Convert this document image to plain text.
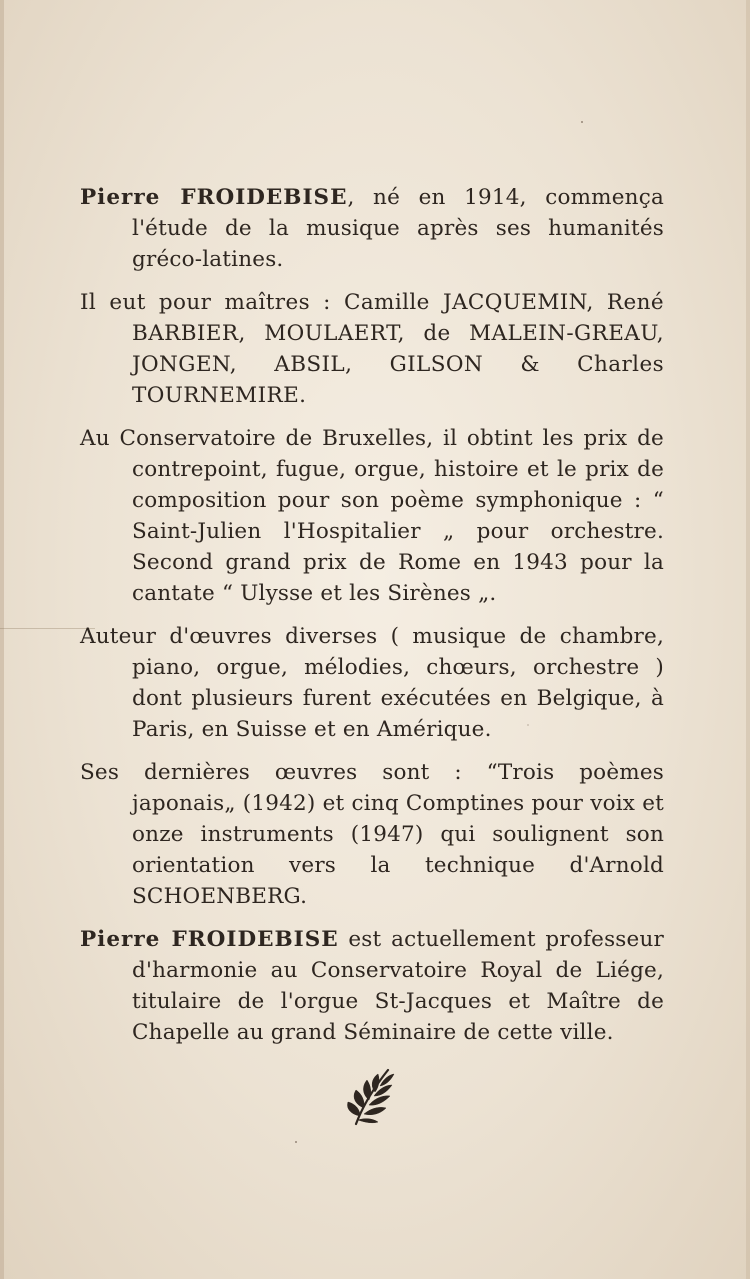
Pierre FROIDEBISE, né en 1914, commença l'étude de la musique après ses humanités gréco-latines.

Il eut pour maîtres : Camille JACQUEMIN, René BARBIER, MOULAERT, de MALEIN-GREAU, JONGEN, ABSIL, GILSON & Charles TOURNEMIRE.

Au Conservatoire de Bruxelles, il obtint les prix de contrepoint, fugue, orgue, histoire et le prix de composition pour son poème symphonique : “ Saint-Julien l'Hospitalier „ pour orchestre. Second grand prix de Rome en 1943 pour la cantate “ Ulysse et les Sirènes „.

Auteur d'œuvres diverses ( musique de chambre, piano, orgue, mélodies, chœurs, orchestre ) dont plusieurs furent exécutées en Belgique, à Paris, en Suisse et en Amérique.

Ses dernières œuvres sont : “Trois poèmes japonais„ (1942) et cinq Comptines pour voix et onze instruments (1947) qui soulignent son orientation vers la technique d'Arnold SCHOENBERG.

Pierre FROIDEBISE est actuellement professeur d'harmonie au Conservatoire Royal de Liége, titulaire de l'orgue St-Jacques et Maître de Chapelle au grand Séminaire de cette ville.
